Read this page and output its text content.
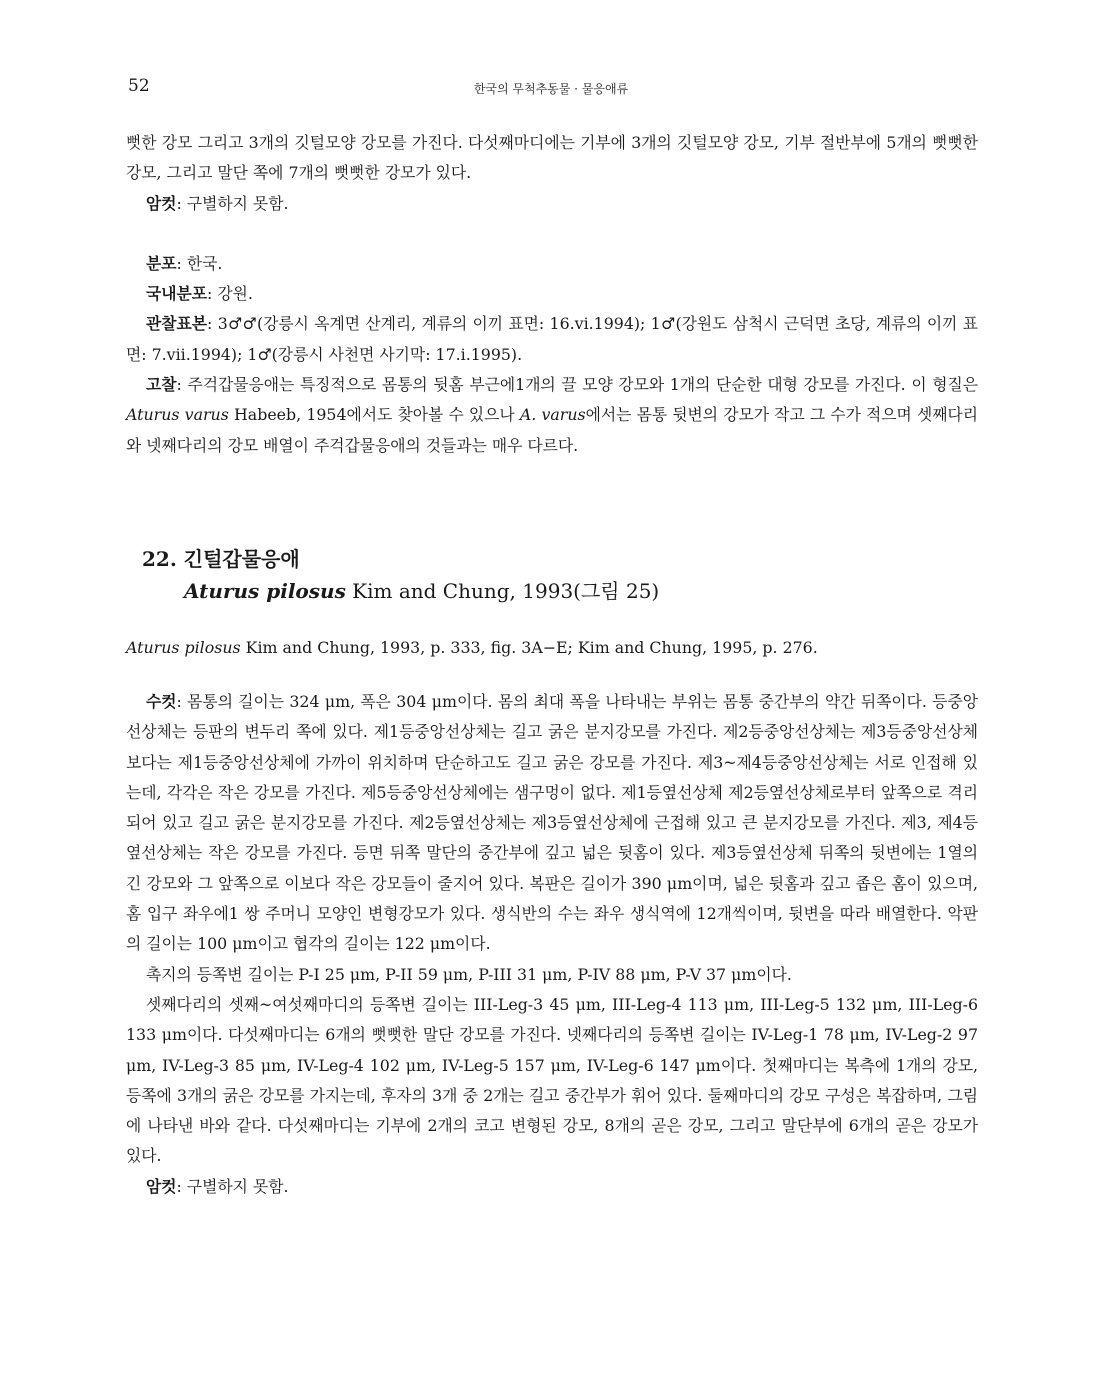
52	한국의 무척추동물 · 물응애류

뻣한 강모 그리고 3개의 깃털모양 강모를 가진다. 다섯째마디에는 기부에 3개의 깃털모양 강모, 기부 절반부에 5개의 뻣뻣한 강모, 그리고 말단 쪽에 7개의 뻣뻣한 강모가 있다.

암컷: 구별하지 못함.

분포: 한국.

국내분포: 강원.

관찰표본: 3♂♂(강릉시 옥계면 산계리, 계류의 이끼 표면: 16.vi.1994); 1♂(강원도 삼척시 근덕면 초당, 계류의 이끼 표면: 7.vii.1994); 1♂(강릉시 사천면 사기막: 17.i.1995).

고찰: 주걱갑물응애는 특징적으로 몸통의 뒷홈 부근에1개의 끌 모양 강모와 1개의 단순한 대형 강모를 가진다. 이 형질은 Aturus varus Habeeb, 1954에서도 찾아볼 수 있으나 A. varus에서는 몸통 뒷변의 강모가 작고 그 수가 적으며 셋째다리와 넷째다리의 강모 배열이 주걱갑물응애의 것들과는 매우 다르다.

22. 긴털갑물응애
Aturus pilosus Kim and Chung, 1993(그림 25)

Aturus pilosus Kim and Chung, 1993, p. 333, fig. 3A−E; Kim and Chung, 1995, p. 276.

수컷: 몸통의 길이는 324 μm, 폭은 304 μm이다. 몸의 최대 폭을 나타내는 부위는 몸통 중간부의 약간 뒤쪽이다. 등중앙선상체는 등판의 변두리 쪽에 있다. 제1등중앙선상체는 길고 굵은 분지강모를 가진다. 제2등중앙선상체는 제3등중앙선상체보다는 제1등중앙선상체에 가까이 위치하며 단순하고도 길고 굵은 강모를 가진다. 제3~제4등중앙선상체는 서로 인접해 있는데, 각각은 작은 강모를 가진다. 제5등중앙선상체에는 샘구멍이 없다. 제1등옆선상체 제2등옆선상체로부터 앞쪽으로 격리되어 있고 길고 굵은 분지강모를 가진다. 제2등옆선상체는 제3등옆선상체에 근접해 있고 큰 분지강모를 가진다. 제3, 제4등옆선상체는 작은 강모를 가진다. 등면 뒤쪽 말단의 중간부에 깊고 넓은 뒷홈이 있다. 제3등옆선상체 뒤쪽의 뒷변에는 1열의 긴 강모와 그 앞쪽으로 이보다 작은 강모들이 줄지어 있다. 복판은 길이가 390 μm이며, 넓은 뒷홈과 깊고 좁은 홈이 있으며, 홈 입구 좌우에1 쌍 주머니 모양인 변형강모가 있다. 생식반의 수는 좌우 생식역에 12개씩이며, 뒷변을 따라 배열한다. 악판의 길이는 100 μm이고 협각의 길이는 122 μm이다.

촉지의 등쪽변 길이는 P-I 25 μm, P-II 59 μm, P-III 31 μm, P-IV 88 μm, P-V 37 μm이다.

셋째다리의 셋째~여섯째마디의 등쪽변 길이는 III-Leg-3 45 μm, III-Leg-4 113 μm, III-Leg-5 132 μm, III-Leg-6 133 μm이다. 다섯째마디는 6개의 뻣뻣한 말단 강모를 가진다. 넷째다리의 등쪽변 길이는 IV-Leg-1 78 μm, IV-Leg-2 97 μm, IV-Leg-3 85 μm, IV-Leg-4 102 μm, IV-Leg-5 157 μm, IV-Leg-6 147 μm이다. 첫째마디는 복측에 1개의 강모, 등쪽에 3개의 굵은 강모를 가지는데, 후자의 3개 중 2개는 길고 중간부가 휘어 있다. 둘째마디의 강모 구성은 복잡하며, 그림에 나타낸 바와 같다. 다섯째마디는 기부에 2개의 코고 변형된 강모, 8개의 곧은 강모, 그리고 말단부에 6개의 곧은 강모가 있다.

암컷: 구별하지 못함.
